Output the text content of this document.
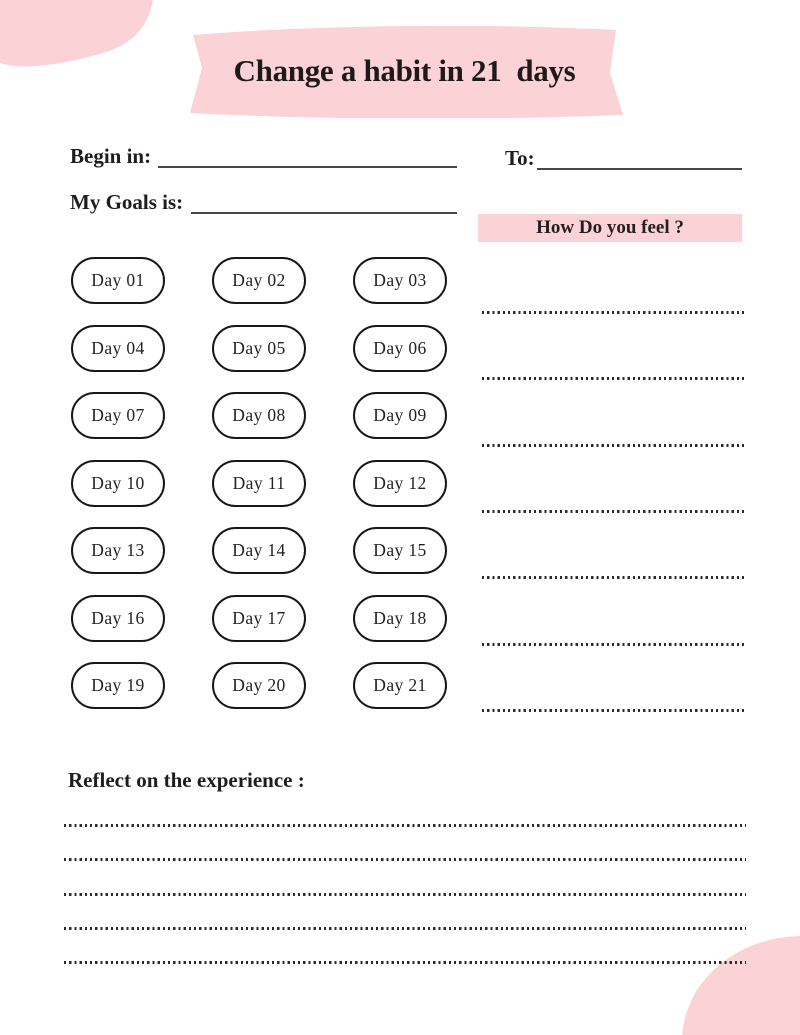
Change a habit in 21  days
Begin in:	To:
My Goals is:
Day 01	Day 02	Day 03
Day 04	Day 05	Day 06
Day 07	Day 08	Day 09
Day 10	Day 11	Day 12
Day 13	Day 14	Day 15
Day 16	Day 17	Day 18
Day 19	Day 20	Day 21
How Do you feel ?
Reflect on the experience :
